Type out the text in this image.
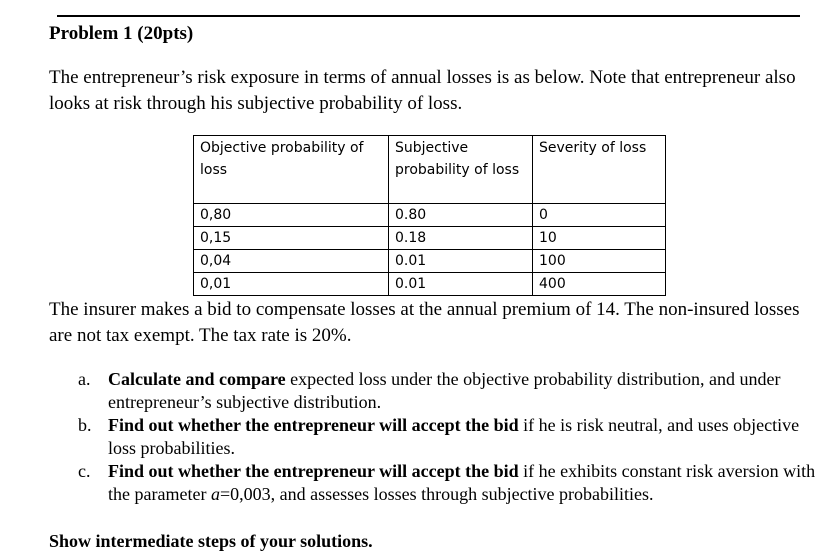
Problem 1 (20pts)

The entrepreneur’s risk exposure in terms of annual losses is as below. Note that entrepreneur also looks at risk through his subjective probability of loss.

Objective probability of loss	Subjective probability of loss	Severity of loss
0,80	0.80	0
0,15	0.18	10
0,04	0.01	100
0,01	0.01	400

The insurer makes a bid to compensate losses at the annual premium of 14. The non-insured losses are not tax exempt. The tax rate is 20%.

a. Calculate and compare expected loss under the objective probability distribution, and under entrepreneur’s subjective distribution.
b. Find out whether the entrepreneur will accept the bid if he is risk neutral, and uses objective loss probabilities.
c. Find out whether the entrepreneur will accept the bid if he exhibits constant risk aversion with the parameter a=0,003, and assesses losses through subjective probabilities.

Show intermediate steps of your solutions.
